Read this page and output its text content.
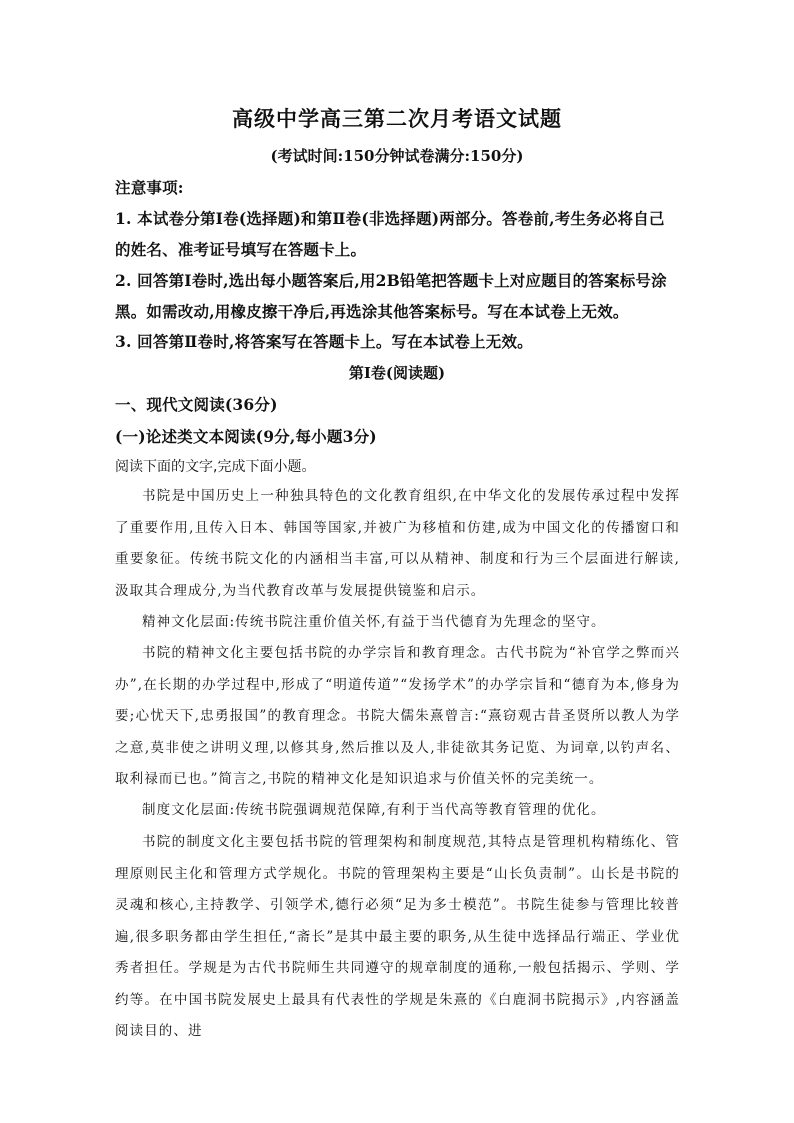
高级中学高三第二次月考语文试题
(考试时间:150分钟试卷满分:150分)
注意事项:
1. 本试卷分第Ⅰ卷(选择题)和第Ⅱ卷(非选择题)两部分。答卷前,考生务必将自己
的姓名、准考证号填写在答题卡上。
2. 回答第Ⅰ卷时,选出每小题答案后,用2B铅笔把答题卡上对应题目的答案标号涂
黑。如需改动,用橡皮擦干净后,再选涂其他答案标号。写在本试卷上无效。
3. 回答第Ⅱ卷时,将答案写在答题卡上。写在本试卷上无效。
第Ⅰ卷(阅读题)
一、现代文阅读(36分)
(一)论述类文本阅读(9分,每小题3分)
阅读下面的文字,完成下面小题。

书院是中国历史上一种独具特色的文化教育组织,在中华文化的发展传承过程中发挥了重要作用,且传入日本、韩国等国家,并被广为移植和仿建,成为中国文化的传播窗口和重要象征。传统书院文化的内涵相当丰富,可以从精神、制度和行为三个层面进行解读,汲取其合理成分,为当代教育改革与发展提供镜鉴和启示。

精神文化层面:传统书院注重价值关怀,有益于当代德育为先理念的坚守。

书院的精神文化主要包括书院的办学宗旨和教育理念。古代书院为“补官学之弊而兴办”,在长期的办学过程中,形成了“明道传道”“发扬学术”的办学宗旨和“德育为本,修身为要;心忧天下,忠勇报国”的教育理念。书院大儒朱熹曾言:“熹窃观古昔圣贤所以教人为学之意,莫非使之讲明义理,以修其身,然后推以及人,非徒欲其务记览、为词章,以钓声名、取利禄而已也。”简言之,书院的精神文化是知识追求与价值关怀的完美统一。

制度文化层面:传统书院强调规范保障,有利于当代高等教育管理的优化。

书院的制度文化主要包括书院的管理架构和制度规范,其特点是管理机构精练化、管理原则民主化和管理方式学规化。书院的管理架构主要是“山长负责制”。山长是书院的灵魂和核心,主持教学、引领学术,德行必须“足为多士模范”。书院生徒参与管理比较普遍,很多职务都由学生担任,“斋长”是其中最主要的职务,从生徒中选择品行端正、学业优秀者担任。学规是为古代书院师生共同遵守的规章制度的通称,一般包括揭示、学则、学约等。在中国书院发展史上最具有代表性的学规是朱熹的《白鹿洞书院揭示》,内容涵盖阅读目的、进
